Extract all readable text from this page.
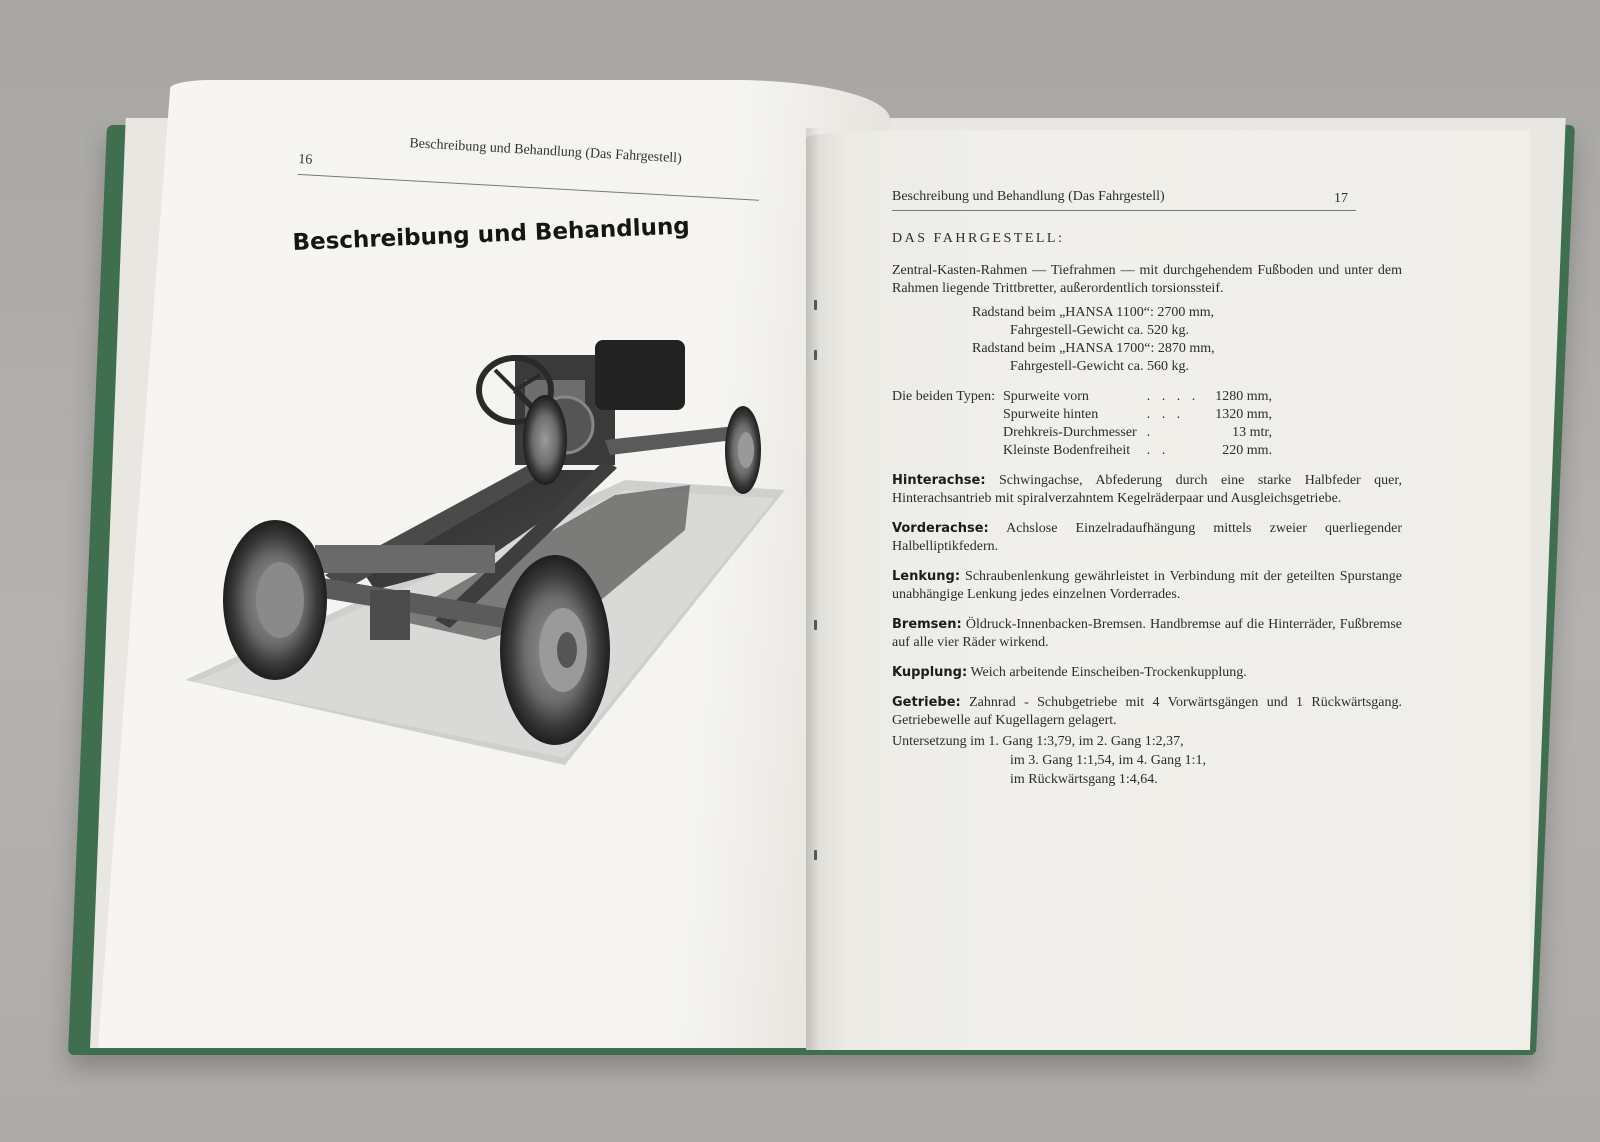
16	Beschreibung und Behandlung (Das Fahrgestell)
Beschreibung und Behandlung
Beschreibung und Behandlung (Das Fahrgestell)	17
DAS FAHRGESTELL:

Zentral-Kasten-Rahmen — Tiefrahmen — mit durchgehendem Fußboden und unter dem Rahmen liegende Trittbretter, außerordentlich torsionssteif.

Radstand beim „HANSA 1100“: 2700 mm,
Fahrgestell-Gewicht ca. 520 kg.
Radstand beim „HANSA 1700“: 2870 mm,
Fahrgestell-Gewicht ca. 560 kg.
Die beiden Typen:	Spurweite vorn	. . . .	1280 mm,
	Spurweite hinten	. . .	1320 mm,
	Drehkreis-Durchmesser	.	13 mtr,
	Kleinste Bodenfreiheit	. .	220 mm.

Hinterachse: Schwingachse, Abfederung durch eine starke Halbfeder quer, Hinterachsantrieb mit spiralverzahntem Kegelräderpaar und Ausgleichsgetriebe.

Vorderachse: Achslose Einzelradaufhängung mittels zweier querliegender Halbelliptikfedern.

Lenkung: Schraubenlenkung gewährleistet in Verbindung mit der geteilten Spurstange unabhängige Lenkung jedes einzelnen Vorderrades.

Bremsen: Öldruck-Innenbacken-Bremsen. Handbremse auf die Hinterräder, Fußbremse auf alle vier Räder wirkend.

Kupplung: Weich arbeitende Einscheiben-Trockenkupplung.

Getriebe: Zahnrad - Schubgetriebe mit 4 Vorwärtsgängen und 1 Rückwärtsgang. Getriebewelle auf Kugellagern gelagert.

Untersetzung im 1. Gang 1:3,79, im 2. Gang 1:2,37,
im 3. Gang 1:1,54, im 4. Gang 1:1,
im Rückwärtsgang 1:4,64.
